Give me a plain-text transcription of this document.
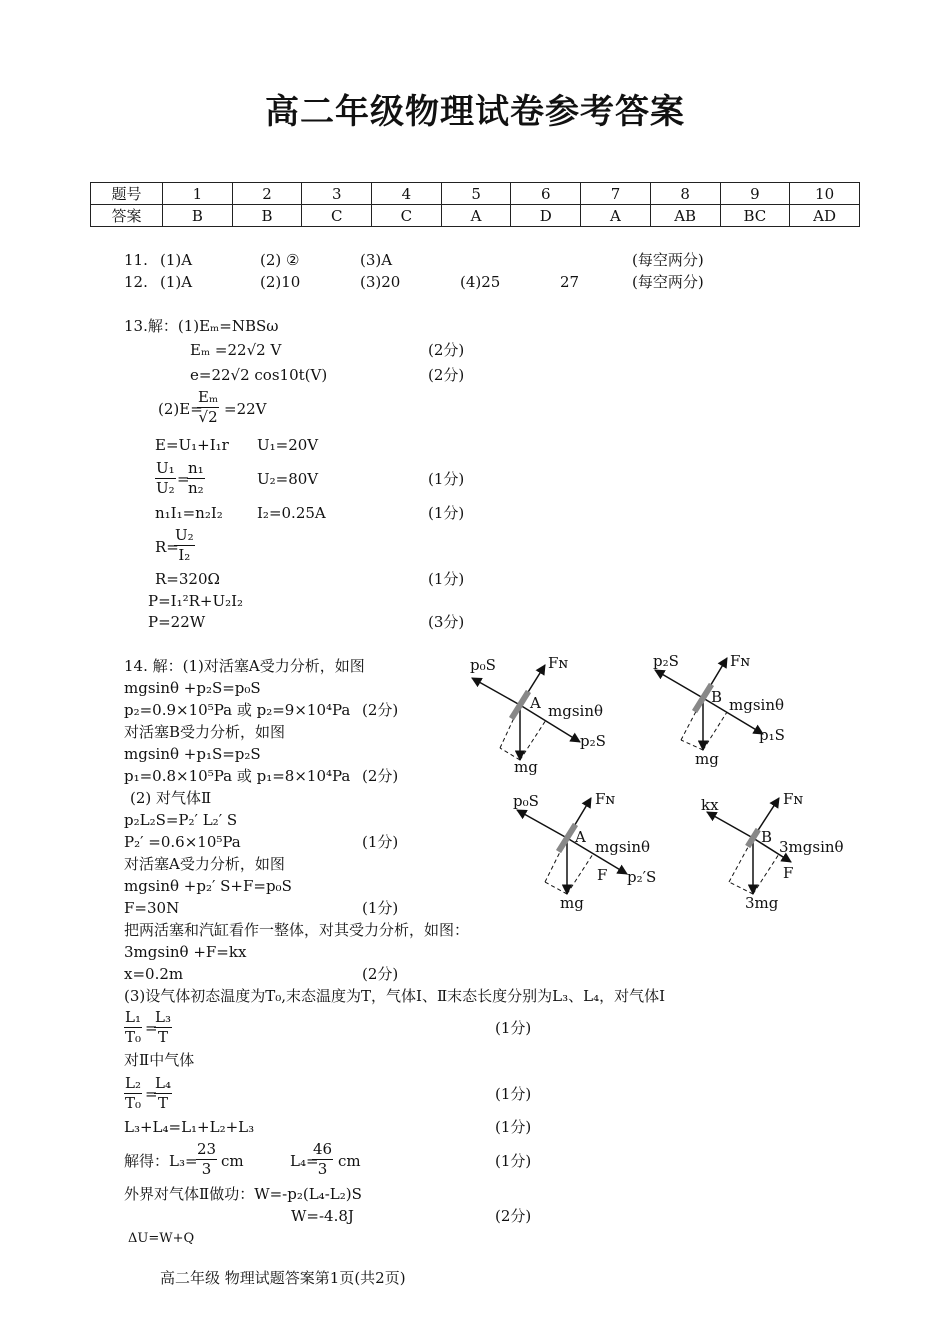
高二年级物理试卷参考答案
题号	1	2	3	4	5	6	7	8	9	10
答案	B	B	C	C	A	D	A	AB	BC	AD
11. (1)A	(2) ②	(3)A	(每空两分)
12. (1)A	(2)10	(3)20	(4)25	27	(每空两分)
13.解：(1)Eₘ=NBSω
Eₘ =22√2 V	(2分)
e=22√2 cos10t(V)	(2分)
(2)E=
$\frac{\text{Eₘ}}{√2} =22V$
E=U₁+I₁r U₁=20V
$\frac{\text{U₁}}{\text{U₂}}$ =
$\frac{\text{n₁}}{\text{n₂}}$	U₂=80V	(1分)
n₁I₁=n₂I₂ I₂=0.25A	(1分)
R=
$\frac{\text{U₂}}{\text{I₂}}$
R=320Ω	(1分)
P=I₁²R+U₂I₂
P=22W	(3分)
14. 解：(1)对活塞A受力分析，如图
mgsinθ +p₂S=p₀S
p₂=0.9×10⁵Pa 或 p₂=9×10⁴Pa (2分)
对活塞B受力分析，如图
mgsinθ +p₁S=p₂S
p₁=0.8×10⁵Pa 或 p₁=8×10⁴Pa (2分)
(2) 对气体Ⅱ
p₂L₂S=P₂′ L₂′ S
P₂′ =0.6×10⁵Pa	(1分)
对活塞A受力分析，如图
mgsinθ +p₂′ S+F=p₀S
F=30N	(1分)
把两活塞和汽缸看作一整体，对其受力分析，如图：
3mgsinθ +F=kx
x=0.2m	(2分)
(3)设气体初态温度为T₀,末态温度为T，气体Ⅰ、Ⅱ末态长度分别为L₃、L₄，对气体Ⅰ
$\frac{\text{L₁}}{\text{T₀}}$ =
$\frac{\text{L₃}}{T}$	(1分)
对Ⅱ中气体
$\frac{\text{L₂}}{\text{T₀}}$ =
$\frac{\text{L₄}}{T}$	(1分)
L₃+L₄=L₁+L₂+L₃	(1分)
解得：L₃=
$\frac{23}{3}$ cm	L₄=
$\frac{46}{3}$ cm	(1分)
外界对气体Ⅱ做功：W=-p₂(L₄-L₂)S
W=-4.8J	(2分)
ΔU=W+Q
p₀S	Fɴ
A mgsinθ
p₂S
mg
p₂S	Fɴ
B mgsinθ
p₁S
mg
p₀S	Fɴ
A
mgsinθ
F p₂′S
mg
kx	Fɴ
B
3mgsinθ
F
3mg
高二年级 物理试题答案第1页(共2页)
